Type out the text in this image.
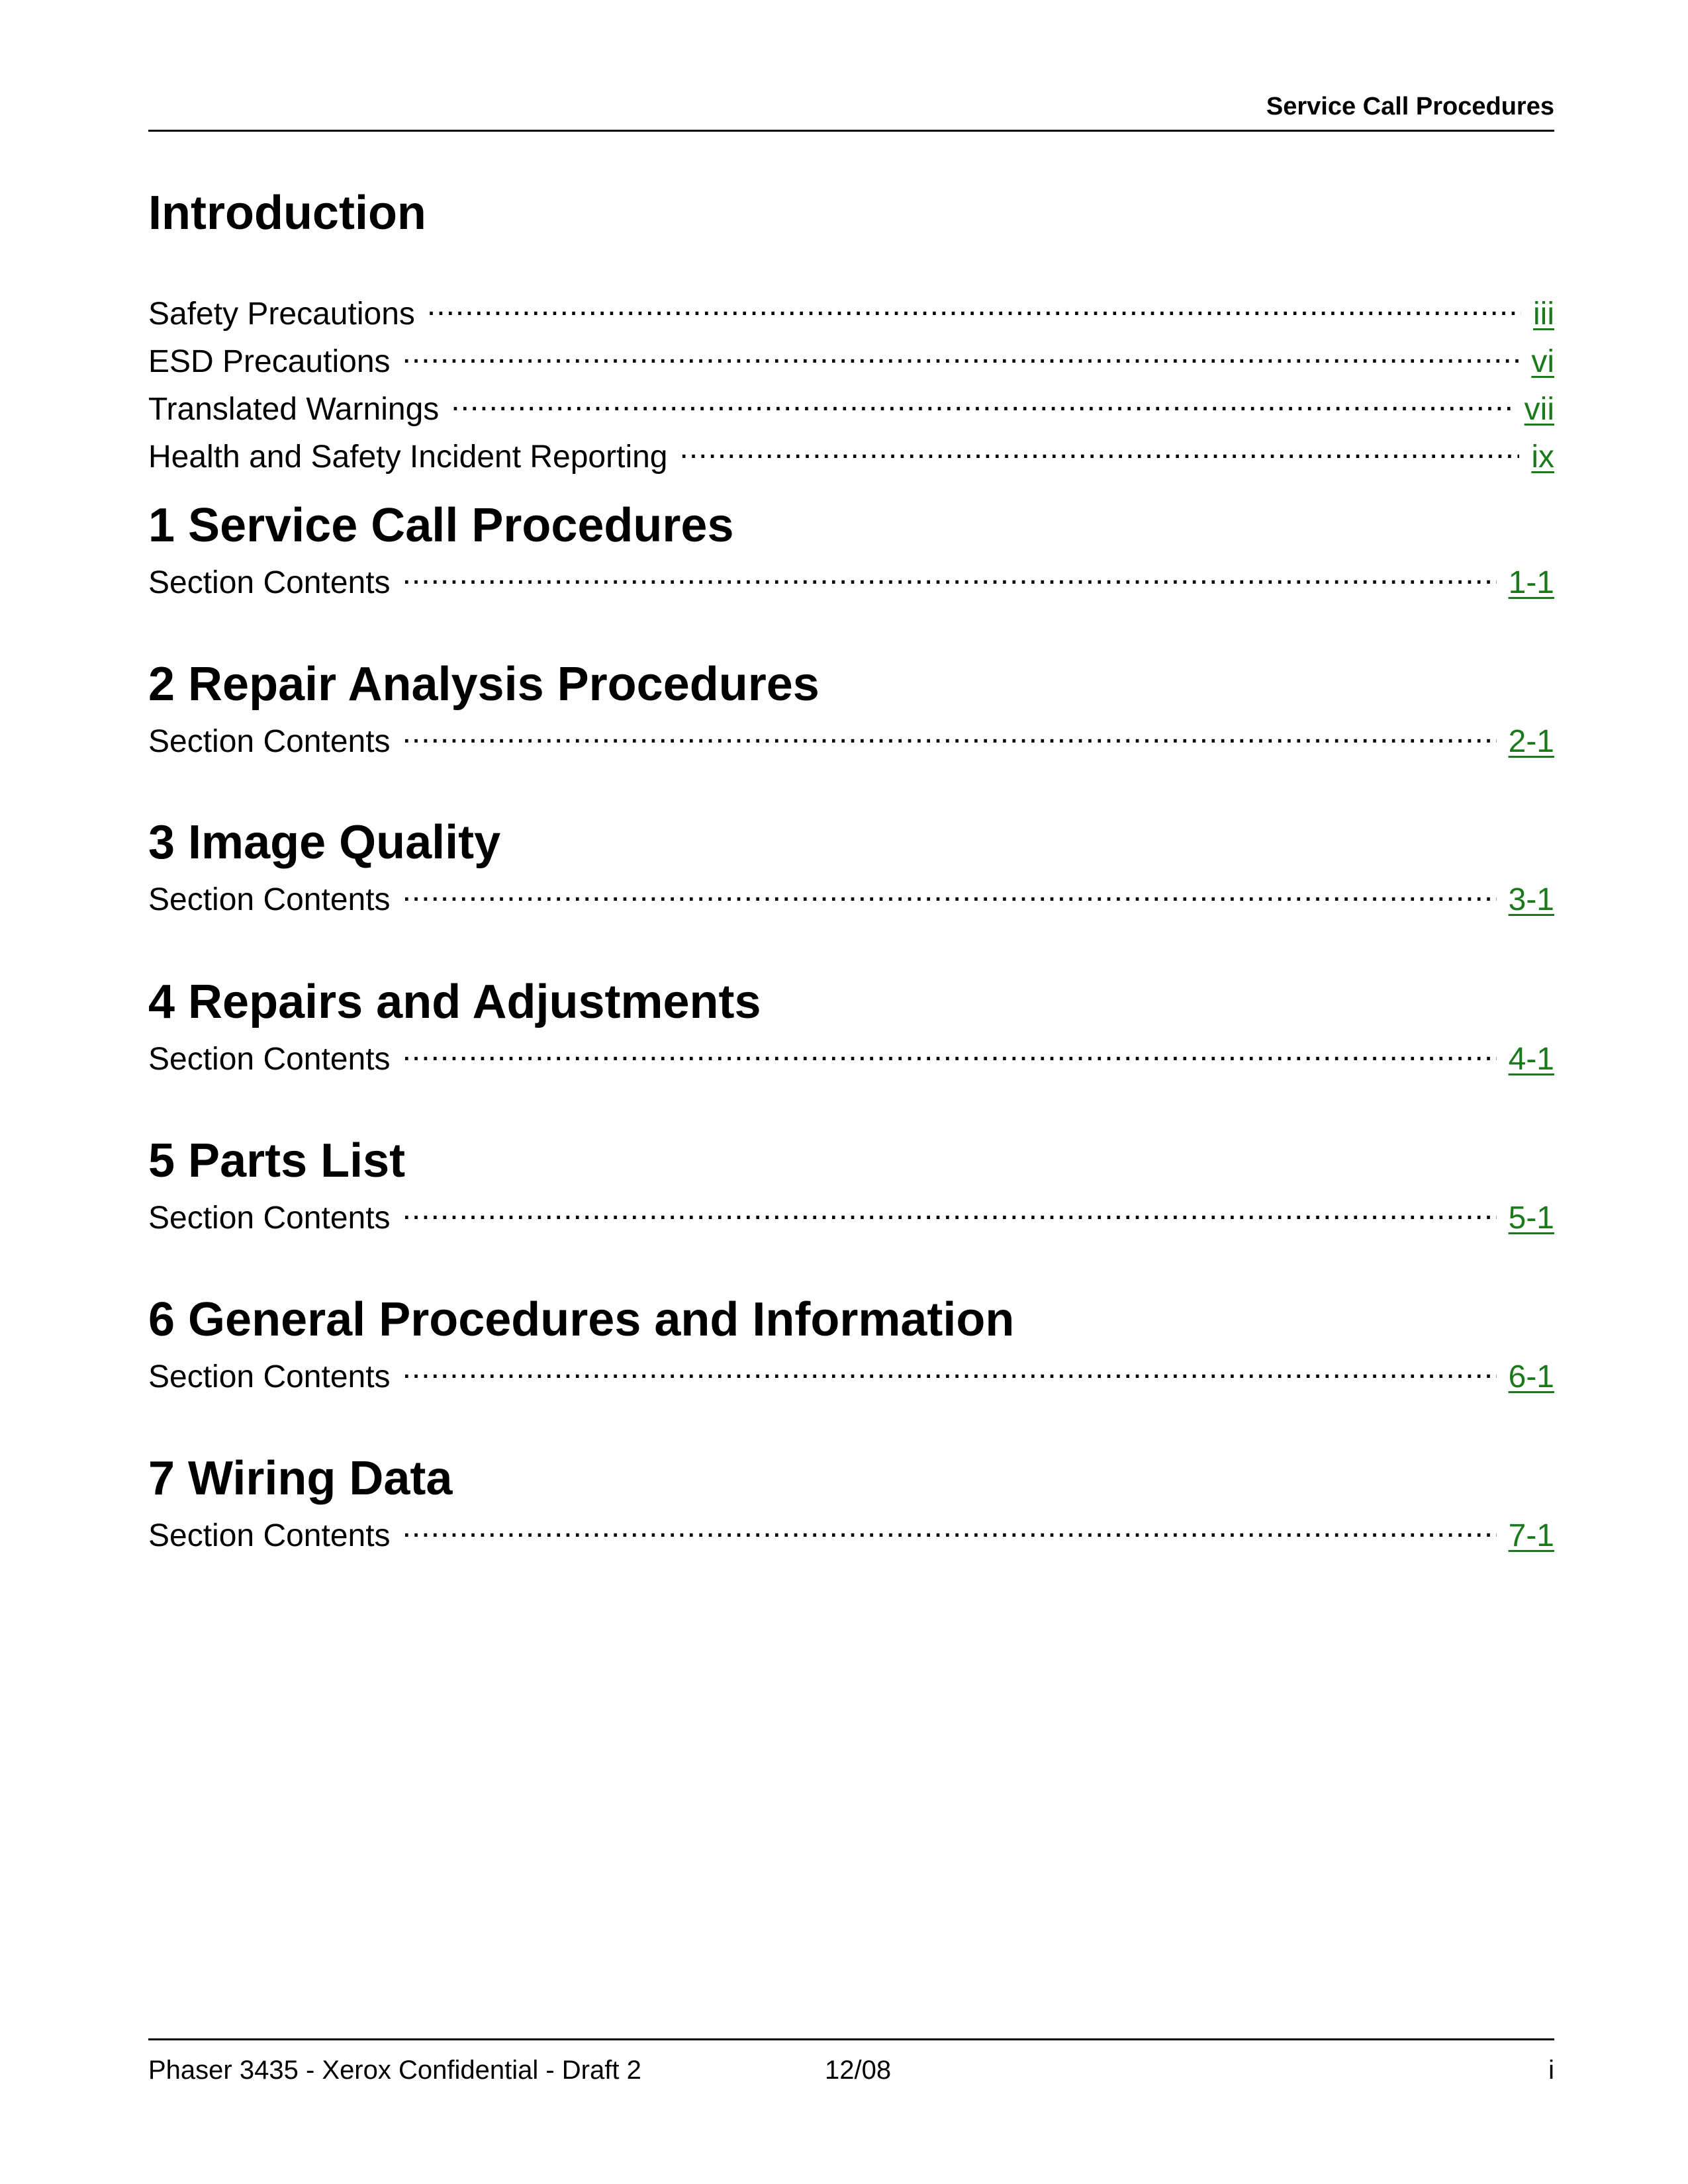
Service Call Procedures
Introduction
Safety Precautions .....	iii
ESD Precautions .....	vi
Translated Warnings .....	vii
Health and Safety Incident Reporting .....	ix
1 Service Call Procedures
Section Contents .....	1-1
2 Repair Analysis Procedures
Section Contents .....	2-1
3 Image Quality
Section Contents .....	3-1
4 Repairs and Adjustments
Section Contents .....	4-1
5 Parts List
Section Contents .....	5-1
6 General Procedures and Information
Section Contents .....	6-1
7 Wiring Data
Section Contents .....	7-1
Phaser 3435 - Xerox Confidential - Draft 2	12/08	i
